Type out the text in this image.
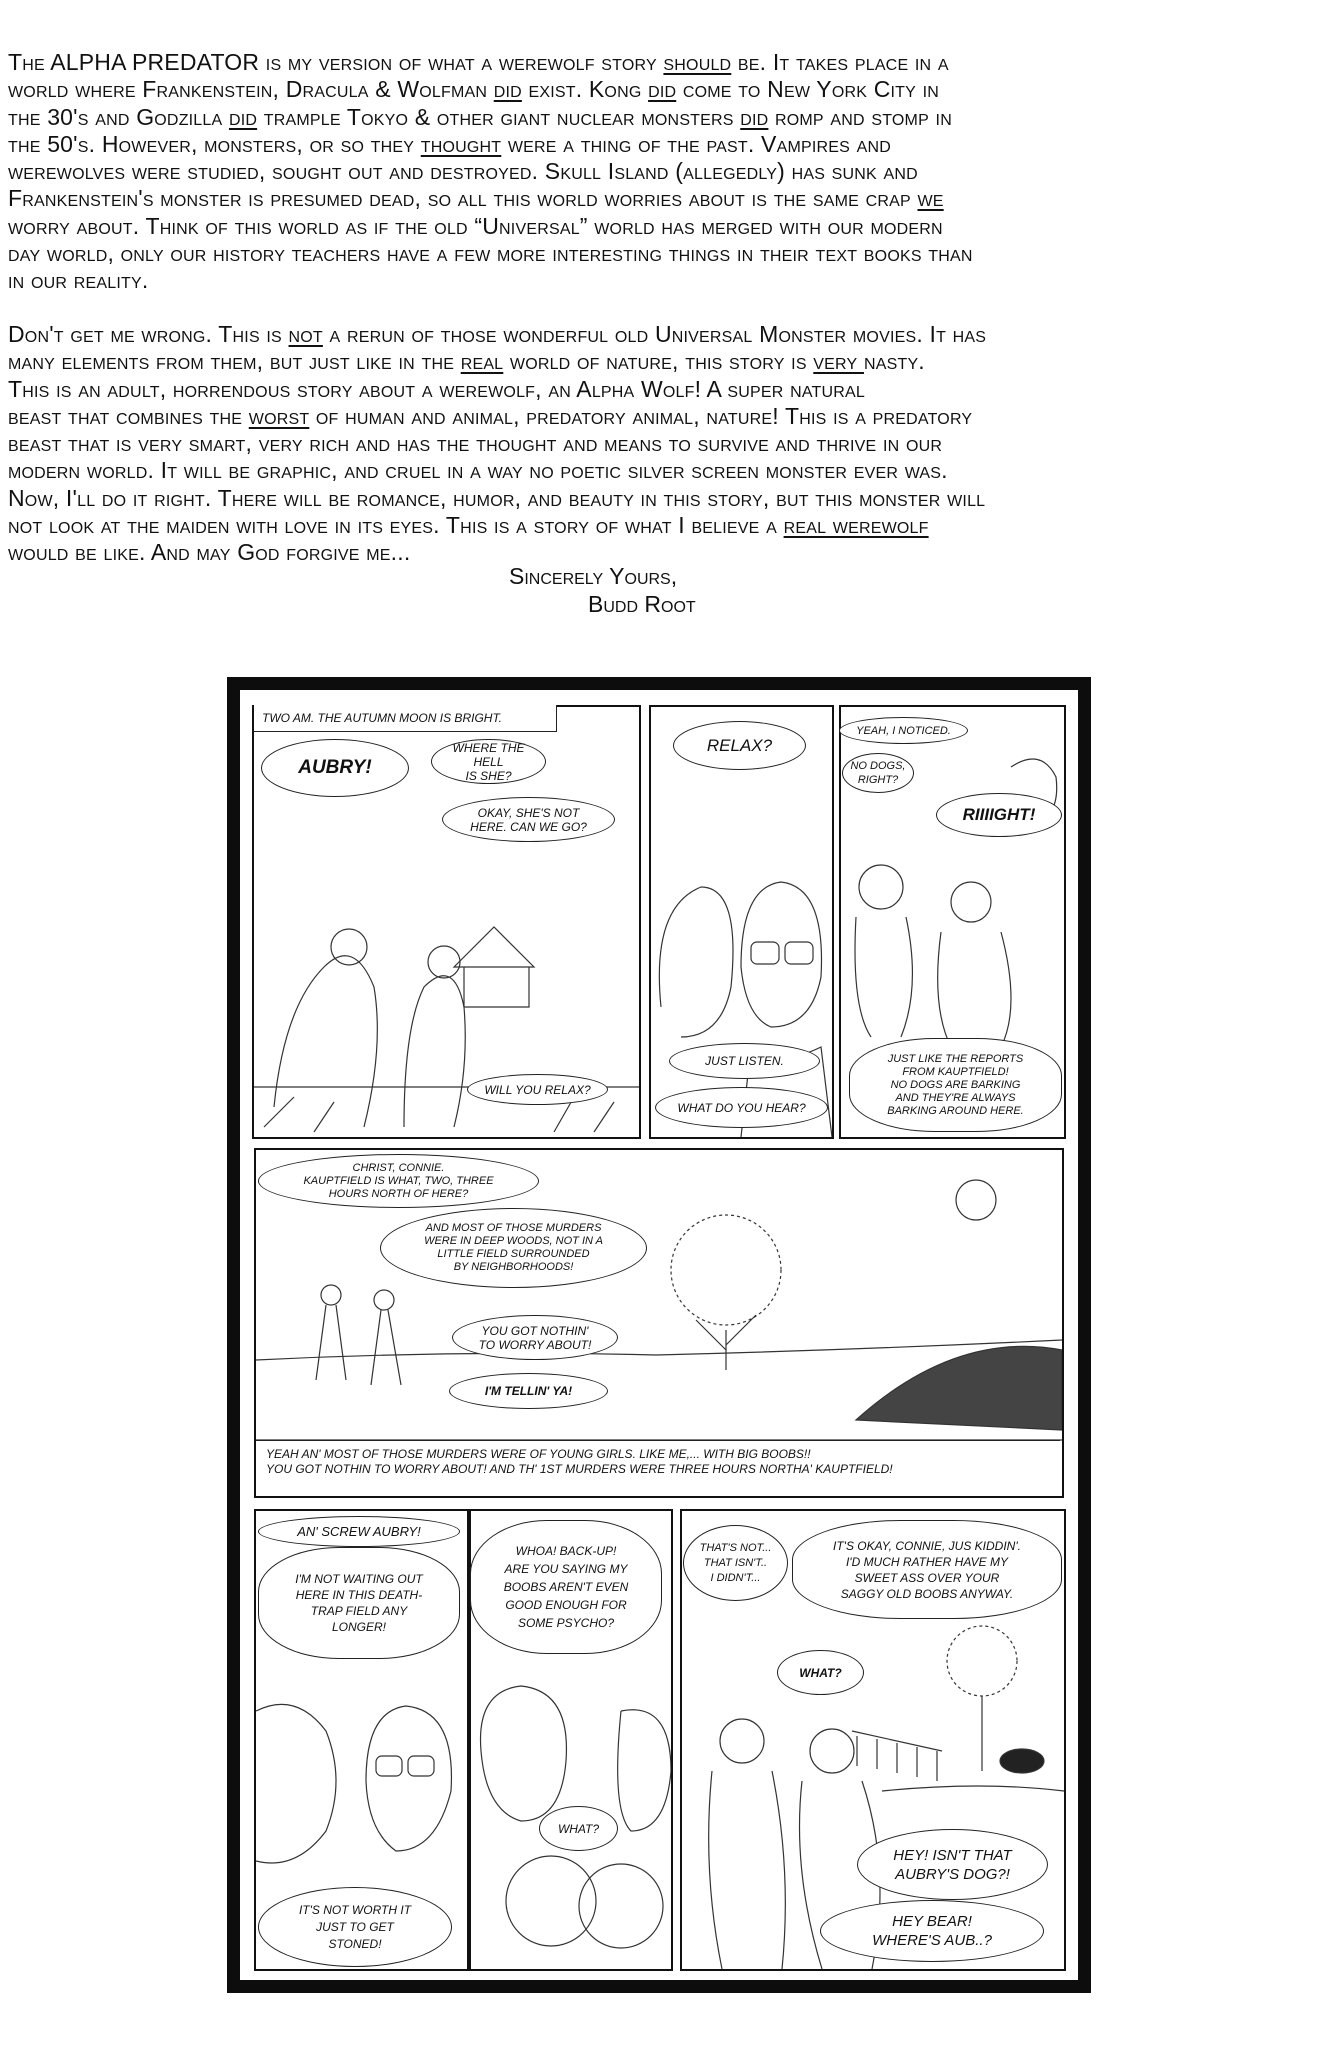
The ALPHA PREDATOR is my version of what a werewolf story should be. It takes place in a
world where Frankenstein, Dracula & Wolfman did exist. Kong did come to New York City in
the 30's and Godzilla did trample Tokyo & other giant nuclear monsters did romp and stomp in
the 50's. However, monsters, or so they thought were a thing of the past. Vampires and
werewolves were studied, sought out and destroyed. Skull Island (allegedly) has sunk and
Frankenstein's monster is presumed dead, so all this world worries about is the same crap we
worry about. Think of this world as if the old “Universal” world has merged with our modern
day world, only our history teachers have a few more interesting things in their text books than
in our reality.
Don't get me wrong. This is not a rerun of those wonderful old Universal Monster movies. It has
many elements from them, but just like in the real world of nature, this story is very nasty.
This is an adult, horrendous story about a werewolf, an Alpha Wolf! A super natural
beast that combines the worst of human and animal, predatory animal, nature! This is a predatory
beast that is very smart, very rich and has the thought and means to survive and thrive in our
modern world. It will be graphic, and cruel in a way no poetic silver screen monster ever was.
Now, I'll do it right. There will be romance, humor, and beauty in this story, but this monster will
not look at the maiden with love in its eyes. This is a story of what I believe a real werewolf
would be like. And may God forgive me...
Sincerely Yours,
Budd Root
TWO AM. THE AUTUMN MOON IS BRIGHT.
AUBRY!
WHERE THE HELL
IS SHE?
OKAY, SHE'S NOT
HERE. CAN WE GO?
WILL YOU RELAX?
RELAX?
JUST LISTEN.
WHAT DO YOU HEAR?
YEAH, I NOTICED.
NO DOGS,
RIGHT?
RIIIIGHT!
JUST LIKE THE REPORTS
FROM KAUPTFIELD!
NO DOGS ARE BARKING
AND THEY'RE ALWAYS
BARKING AROUND HERE.
CHRIST, CONNIE.
KAUPTFIELD IS WHAT, TWO, THREE
HOURS NORTH OF HERE?
AND MOST OF THOSE MURDERS
WERE IN DEEP WOODS, NOT IN A
LITTLE FIELD SURROUNDED
BY NEIGHBORHOODS!
YOU GOT NOTHIN'
TO WORRY ABOUT!
I'M TELLIN' YA!
YEAH AN' MOST OF THOSE MURDERS WERE OF YOUNG GIRLS. LIKE ME,... WITH BIG BOOBS!!
YOU GOT NOTHIN TO WORRY ABOUT! AND TH' 1ST MURDERS WERE THREE HOURS NORTHA' KAUPTFIELD!
AN' SCREW AUBRY!
I'M NOT WAITING OUT
HERE IN THIS DEATH-
TRAP FIELD ANY
LONGER!
IT'S NOT WORTH IT
JUST TO GET
STONED!
WHOA! BACK-UP!
ARE YOU SAYING MY
BOOBS AREN'T EVEN
GOOD ENOUGH FOR
SOME PSYCHO?
WHAT?
THAT'S NOT...
THAT ISN'T..
I DIDN'T...
IT'S OKAY, CONNIE, JUS KIDDIN'.
I'D MUCH RATHER HAVE MY
SWEET ASS OVER YOUR
SAGGY OLD BOOBS ANYWAY.
WHAT?
HEY! ISN'T THAT
AUBRY'S DOG?!
HEY BEAR!
WHERE'S AUB..?
